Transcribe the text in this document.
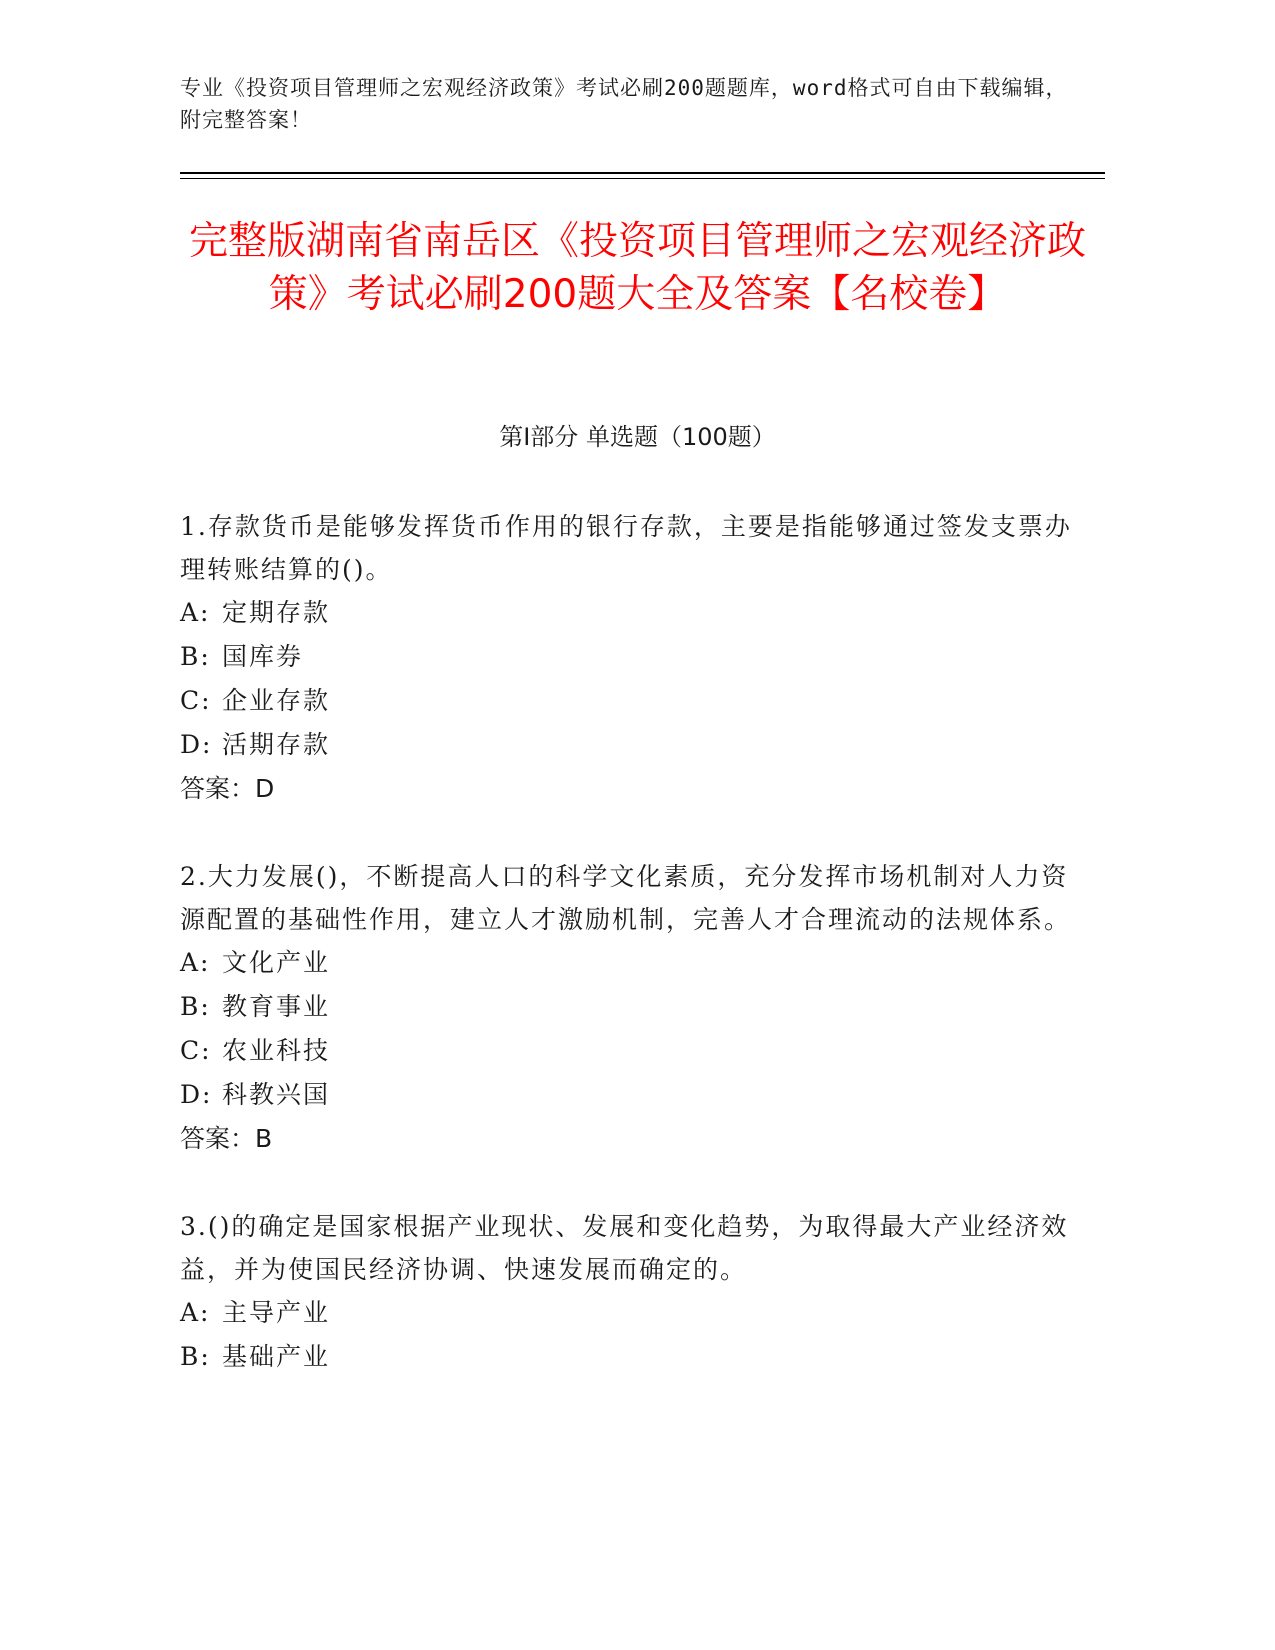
专业《投资项目管理师之宏观经济政策》考试必刷200题题库，word格式可自由下载编辑，附完整答案！
完整版湖南省南岳区《投资项目管理师之宏观经济政策》考试必刷200题大全及答案【名校卷】
第Ⅰ部分 单选题（100题）
1.存款货币是能够发挥货币作用的银行存款，主要是指能够通过签发支票办理转账结算的()。
A: 定期存款
B: 国库券
C: 企业存款
D: 活期存款
答案：D
2.大力发展()，不断提高人口的科学文化素质，充分发挥市场机制对人力资源配置的基础性作用，建立人才激励机制，完善人才合理流动的法规体系。
A: 文化产业
B: 教育事业
C: 农业科技
D: 科教兴国
答案：B
3.()的确定是国家根据产业现状、发展和变化趋势，为取得最大产业经济效益，并为使国民经济协调、快速发展而确定的。
A: 主导产业
B: 基础产业
